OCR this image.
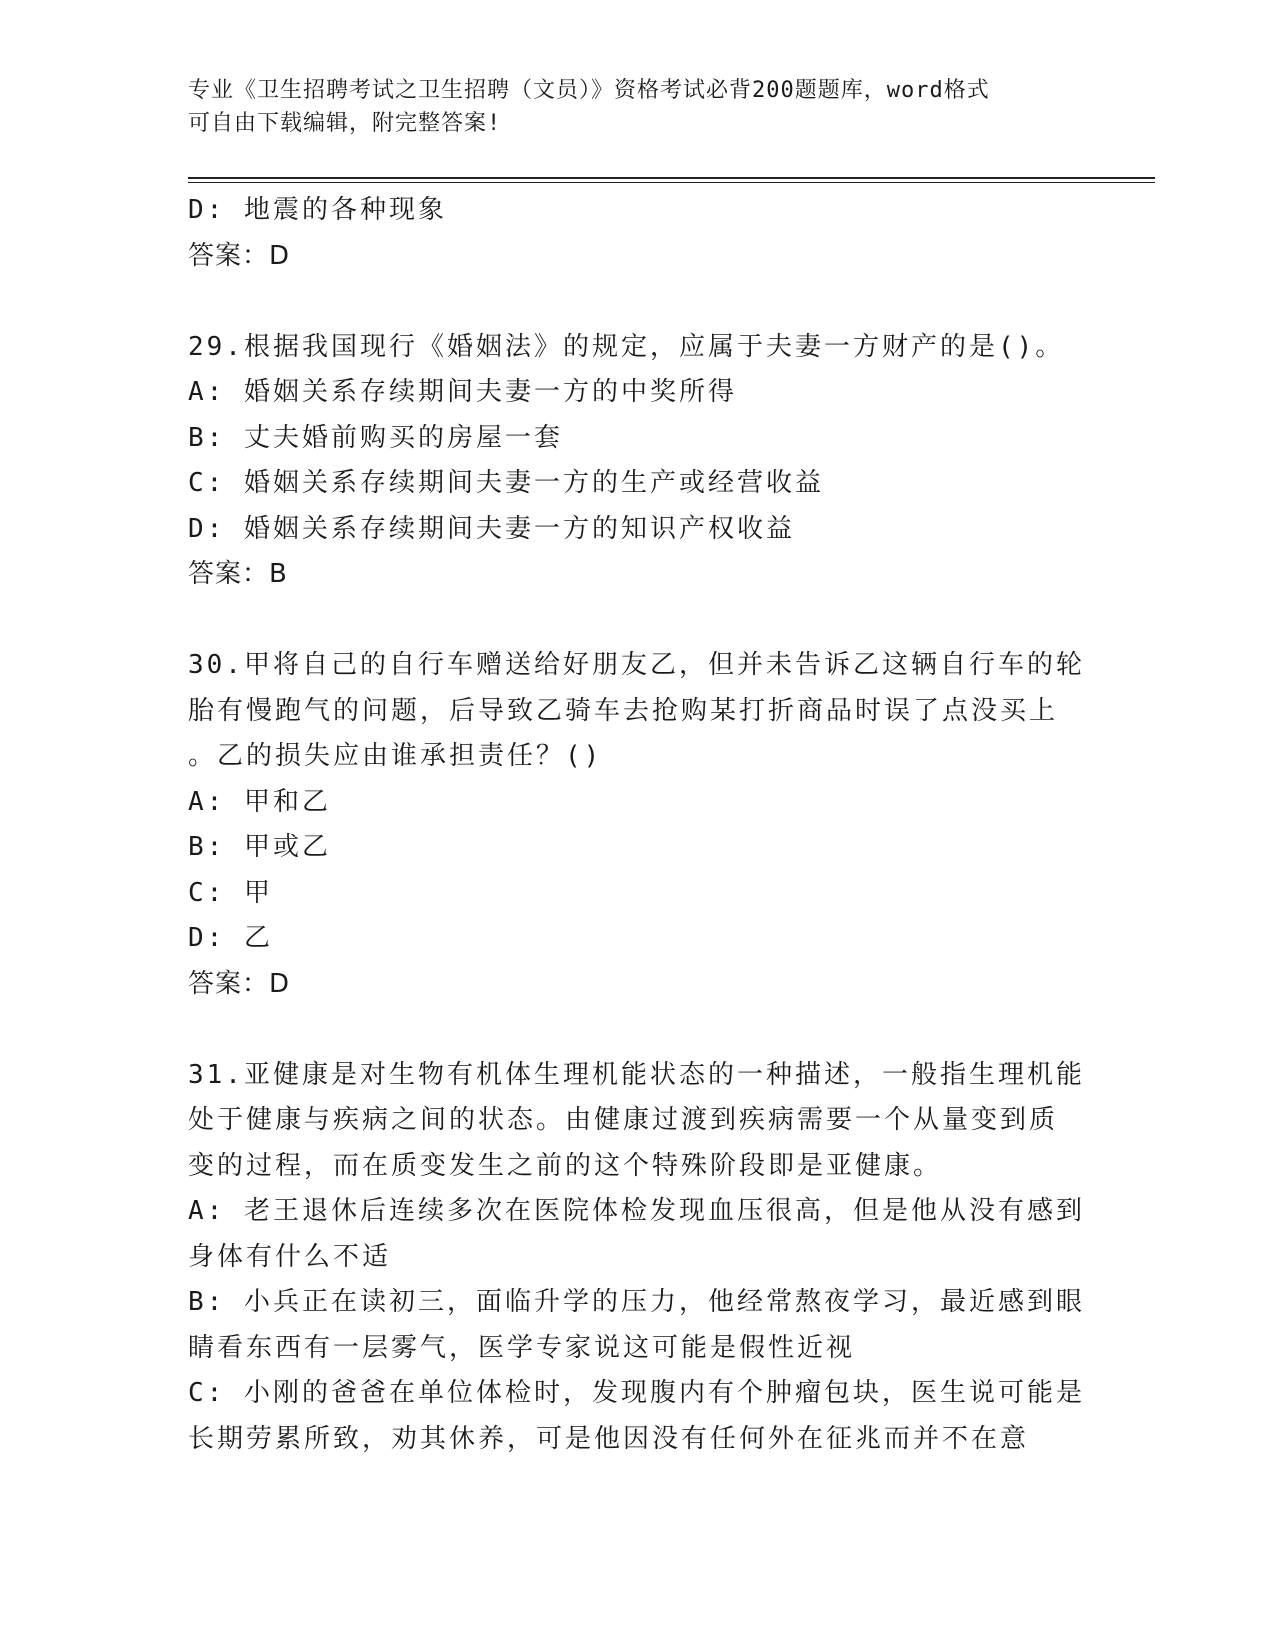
专业《卫生招聘考试之卫生招聘（文员）》资格考试必背200题题库，word格式
可自由下载编辑，附完整答案!
D: 地震的各种现象
答案：D
29.根据我国现行《婚姻法》的规定，应属于夫妻一方财产的是()。
A: 婚姻关系存续期间夫妻一方的中奖所得
B: 丈夫婚前购买的房屋一套
C: 婚姻关系存续期间夫妻一方的生产或经营收益
D: 婚姻关系存续期间夫妻一方的知识产权收益
答案：B
30.甲将自己的自行车赠送给好朋友乙，但并未告诉乙这辆自行车的轮
胎有慢跑气的问题，后导致乙骑车去抢购某打折商品时误了点没买上
。乙的损失应由谁承担责任？()
A: 甲和乙
B: 甲或乙
C: 甲
D: 乙
答案：D
31.亚健康是对生物有机体生理机能状态的一种描述，一般指生理机能
处于健康与疾病之间的状态。由健康过渡到疾病需要一个从量变到质
变的过程，而在质变发生之前的这个特殊阶段即是亚健康。
A: 老王退休后连续多次在医院体检发现血压很高，但是他从没有感到
身体有什么不适
B: 小兵正在读初三，面临升学的压力，他经常熬夜学习，最近感到眼
睛看东西有一层雾气，医学专家说这可能是假性近视
C: 小刚的爸爸在单位体检时，发现腹内有个肿瘤包块，医生说可能是
长期劳累所致，劝其休养，可是他因没有任何外在征兆而并不在意
